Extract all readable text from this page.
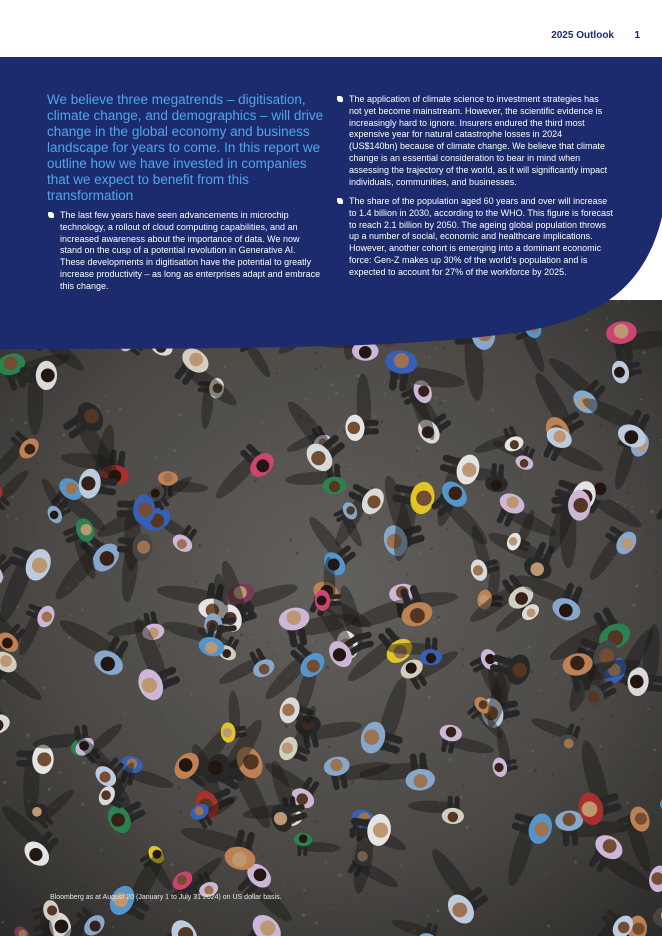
2025 Outlook 1

We believe three megatrends – digitisation, climate change, and demographics – will drive change in the global economy and business landscape for years to come. In this report we outline how we have invested in companies that we expect to benefit from this transformation

The last few years have seen advancements in microchip technology, a rollout of cloud computing capabilities, and an increased awareness about the importance of data. We now stand on the cusp of a potential revolution in Generative AI. These developments in digitisation have the potential to greatly increase productivity – as long as enterprises adapt and embrace this change.
The application of climate science to investment strategies has not yet become mainstream. However, the scientific evidence is increasingly hard to ignore. Insurers endured the third most expensive year for natural catastrophe losses in 2024 (US$140bn) because of climate change. We believe that climate change is an essential consideration to bear in mind when assessing the trajectory of the world, as it will significantly impact individuals, communities, and businesses.
The share of the population aged 60 years and over will increase to 1.4 billion in 2030, according to the WHO. This figure is forecast to reach 2.1 billion by 2050. The ageing global population throws up a number of social, economic and healthcare implications. However, another cohort is emerging into a dominant economic force: Gen-Z makes up 30% of the world's population and is expected to account for 27% of the workforce by 2025.

Bloomberg as at August 20 (January 1 to July 31 2024) on US dollar basis.
